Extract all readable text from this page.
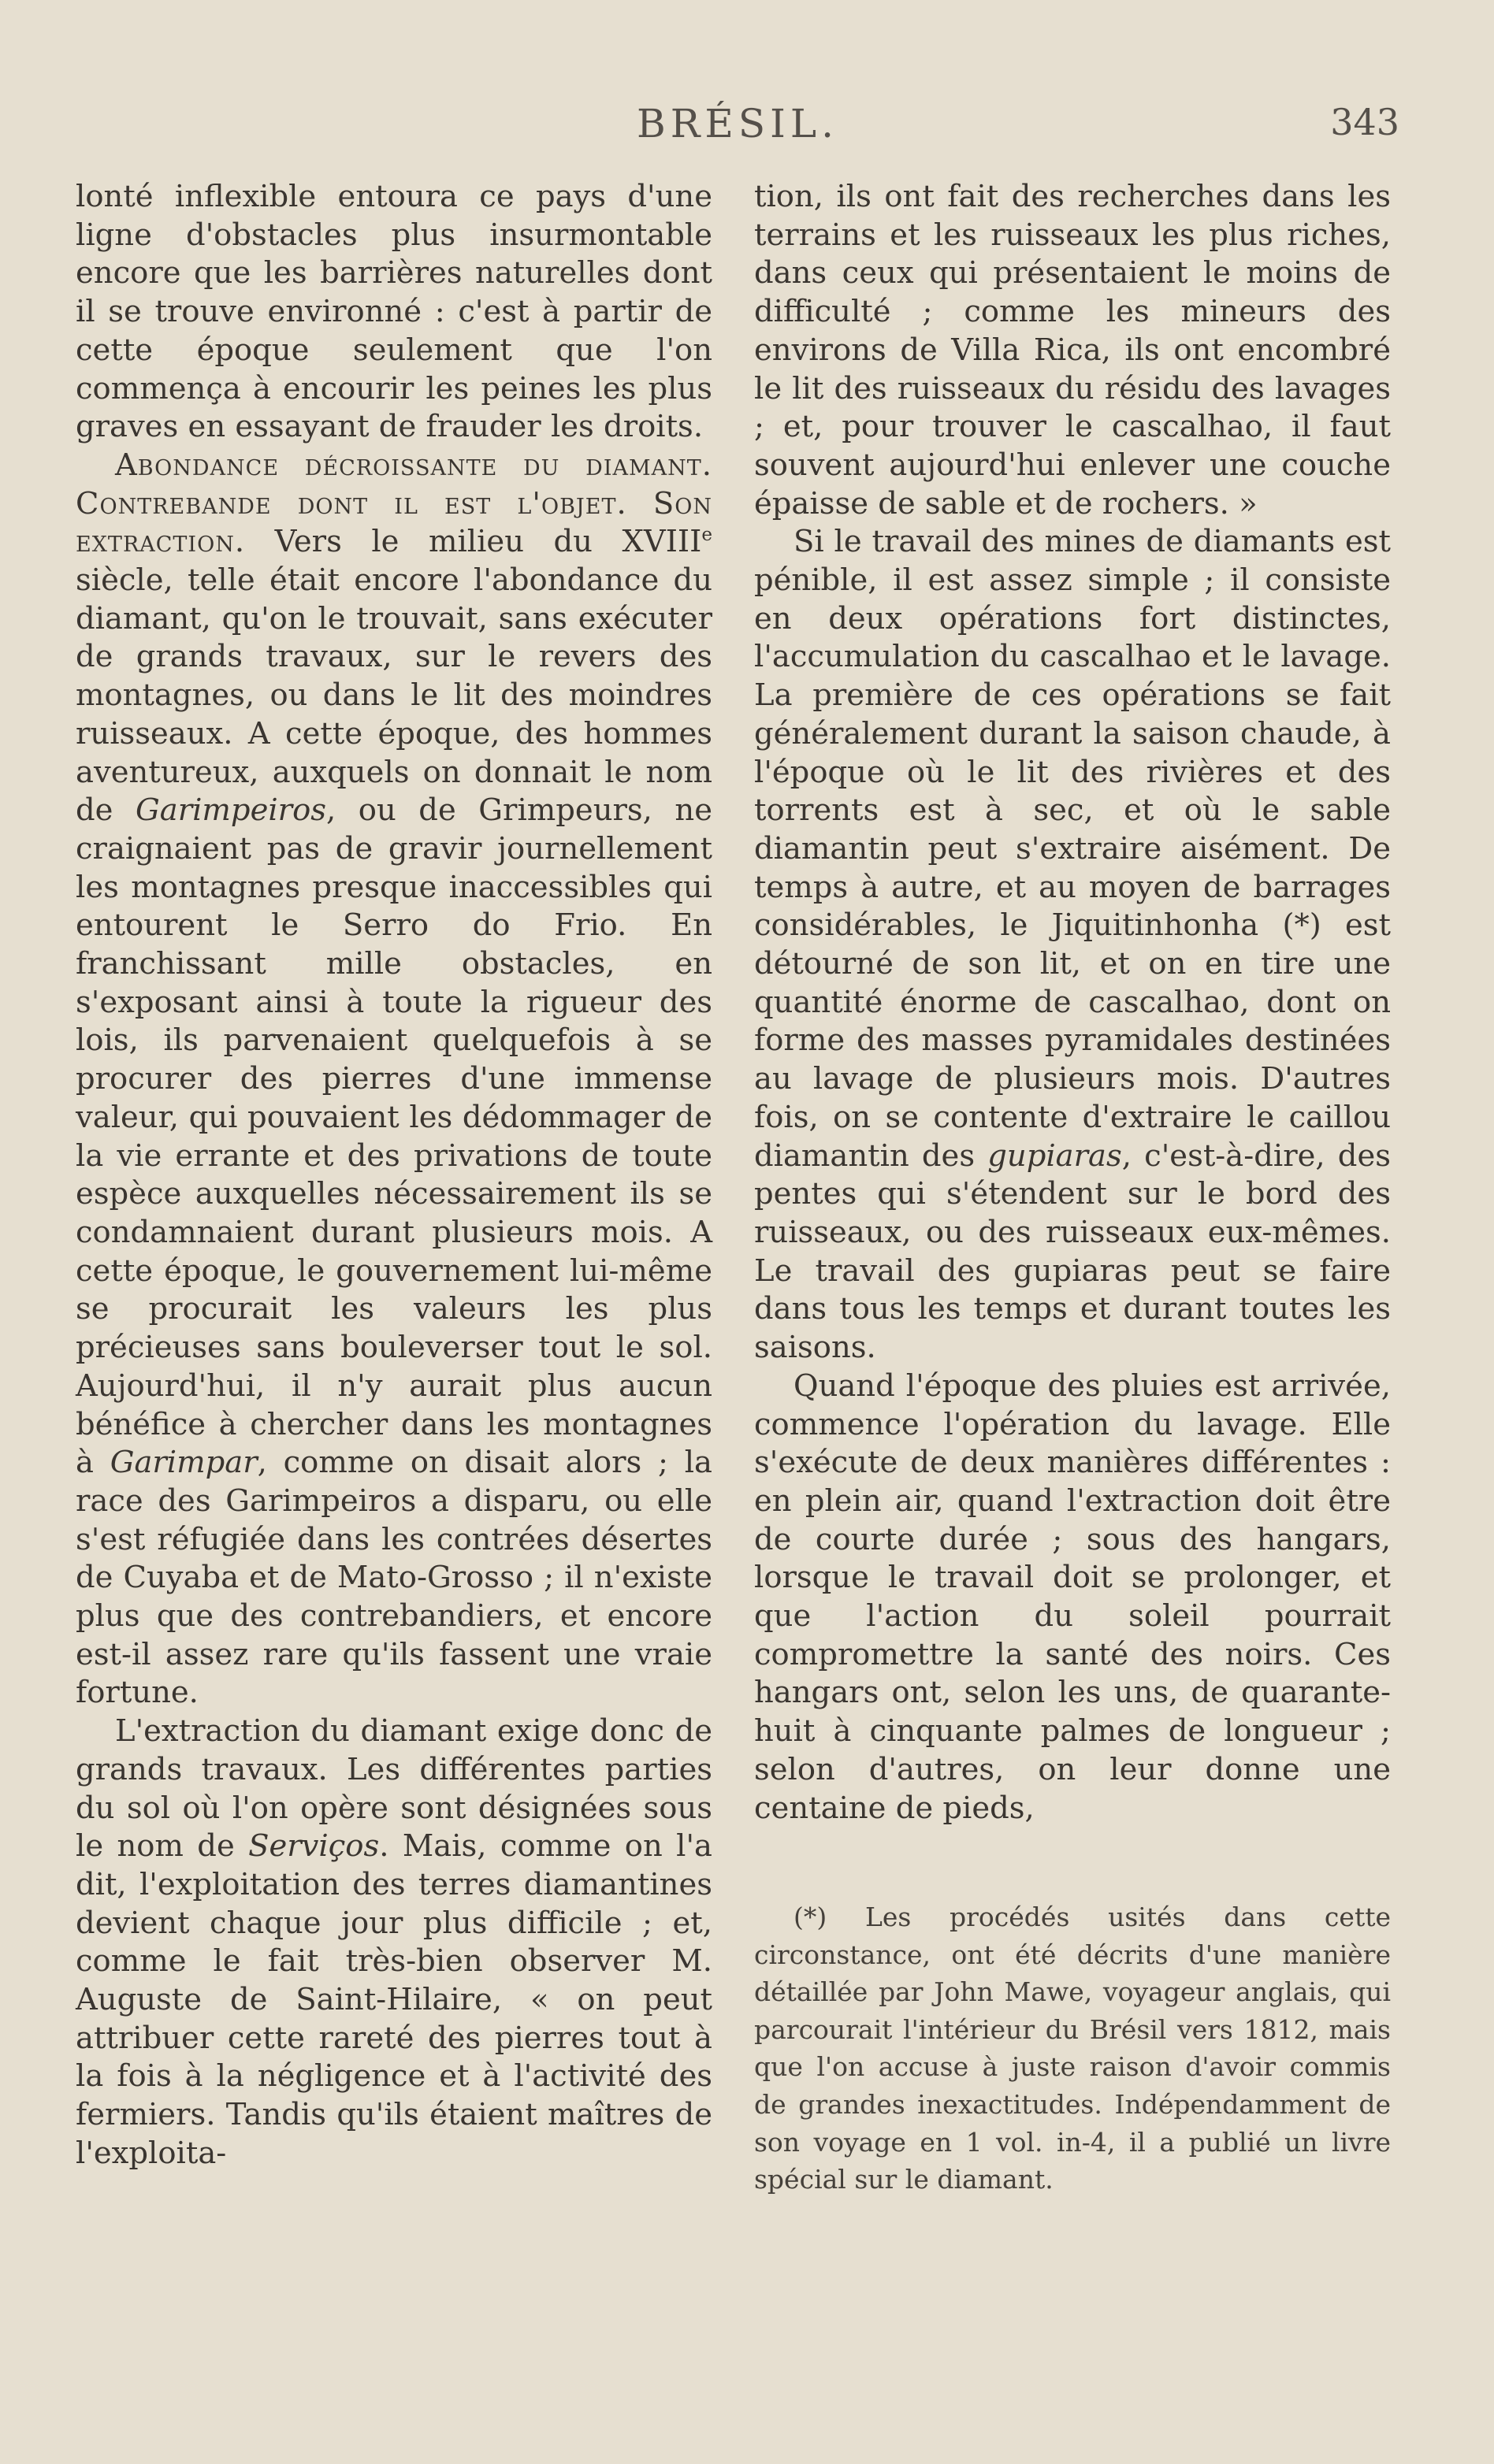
BRÉSIL.	343

lonté inflexible entoura ce pays d'une ligne d'obstacles plus insurmontable encore que les barrières naturelles dont il se trouve environné : c'est à partir de cette époque seulement que l'on commença à encourir les peines les plus graves en essayant de frauder les droits.

Abondance décroissante du diamant. Contrebande dont il est l'objet. Son extraction. Vers le milieu du XVIIIe siècle, telle était encore l'abondance du diamant, qu'on le trouvait, sans exécuter de grands travaux, sur le revers des montagnes, ou dans le lit des moindres ruisseaux. A cette époque, des hommes aventureux, auxquels on donnait le nom de Garimpeiros, ou de Grimpeurs, ne craignaient pas de gravir journellement les montagnes presque inaccessibles qui entourent le Serro do Frio. En franchissant mille obstacles, en s'exposant ainsi à toute la rigueur des lois, ils parvenaient quelquefois à se procurer des pierres d'une immense valeur, qui pouvaient les dédommager de la vie errante et des privations de toute espèce auxquelles nécessairement ils se condamnaient durant plusieurs mois. A cette époque, le gouvernement lui-même se procurait les valeurs les plus précieuses sans bouleverser tout le sol. Aujourd'hui, il n'y aurait plus aucun bénéfice à chercher dans les montagnes à Garimpar, comme on disait alors ; la race des Garimpeiros a disparu, ou elle s'est réfugiée dans les contrées désertes de Cuyaba et de Mato-Grosso ; il n'existe plus que des contrebandiers, et encore est-il assez rare qu'ils fassent une vraie fortune.

L'extraction du diamant exige donc de grands travaux. Les différentes parties du sol où l'on opère sont désignées sous le nom de Serviços. Mais, comme on l'a dit, l'exploitation des terres diamantines devient chaque jour plus difficile ; et, comme le fait très-bien observer M. Auguste de Saint-Hilaire, « on peut attribuer cette rareté des pierres tout à la fois à la négligence et à l'activité des fermiers. Tandis qu'ils étaient maîtres de l'exploita-

tion, ils ont fait des recherches dans les terrains et les ruisseaux les plus riches, dans ceux qui présentaient le moins de difficulté ; comme les mineurs des environs de Villa Rica, ils ont encombré le lit des ruisseaux du résidu des lavages ; et, pour trouver le cascalhao, il faut souvent aujourd'hui enlever une couche épaisse de sable et de rochers. »

Si le travail des mines de diamants est pénible, il est assez simple ; il consiste en deux opérations fort distinctes, l'accumulation du cascalhao et le lavage. La première de ces opérations se fait généralement durant la saison chaude, à l'époque où le lit des rivières et des torrents est à sec, et où le sable diamantin peut s'extraire aisément. De temps à autre, et au moyen de barrages considérables, le Jiquitinhonha (*) est détourné de son lit, et on en tire une quantité énorme de cascalhao, dont on forme des masses pyramidales destinées au lavage de plusieurs mois. D'autres fois, on se contente d'extraire le caillou diamantin des gupiaras, c'est-à-dire, des pentes qui s'étendent sur le bord des ruisseaux, ou des ruisseaux eux-mêmes. Le travail des gupiaras peut se faire dans tous les temps et durant toutes les saisons.

Quand l'époque des pluies est arrivée, commence l'opération du lavage. Elle s'exécute de deux manières différentes : en plein air, quand l'extraction doit être de courte durée ; sous des hangars, lorsque le travail doit se prolonger, et que l'action du soleil pourrait compromettre la santé des noirs. Ces hangars ont, selon les uns, de quarante-huit à cinquante palmes de longueur ; selon d'autres, on leur donne une centaine de pieds,

(*) Les procédés usités dans cette circonstance, ont été décrits d'une manière détaillée par John Mawe, voyageur anglais, qui parcourait l'intérieur du Brésil vers 1812, mais que l'on accuse à juste raison d'avoir commis de grandes inexactitudes. Indépendamment de son voyage en 1 vol. in-4, il a publié un livre spécial sur le diamant.
